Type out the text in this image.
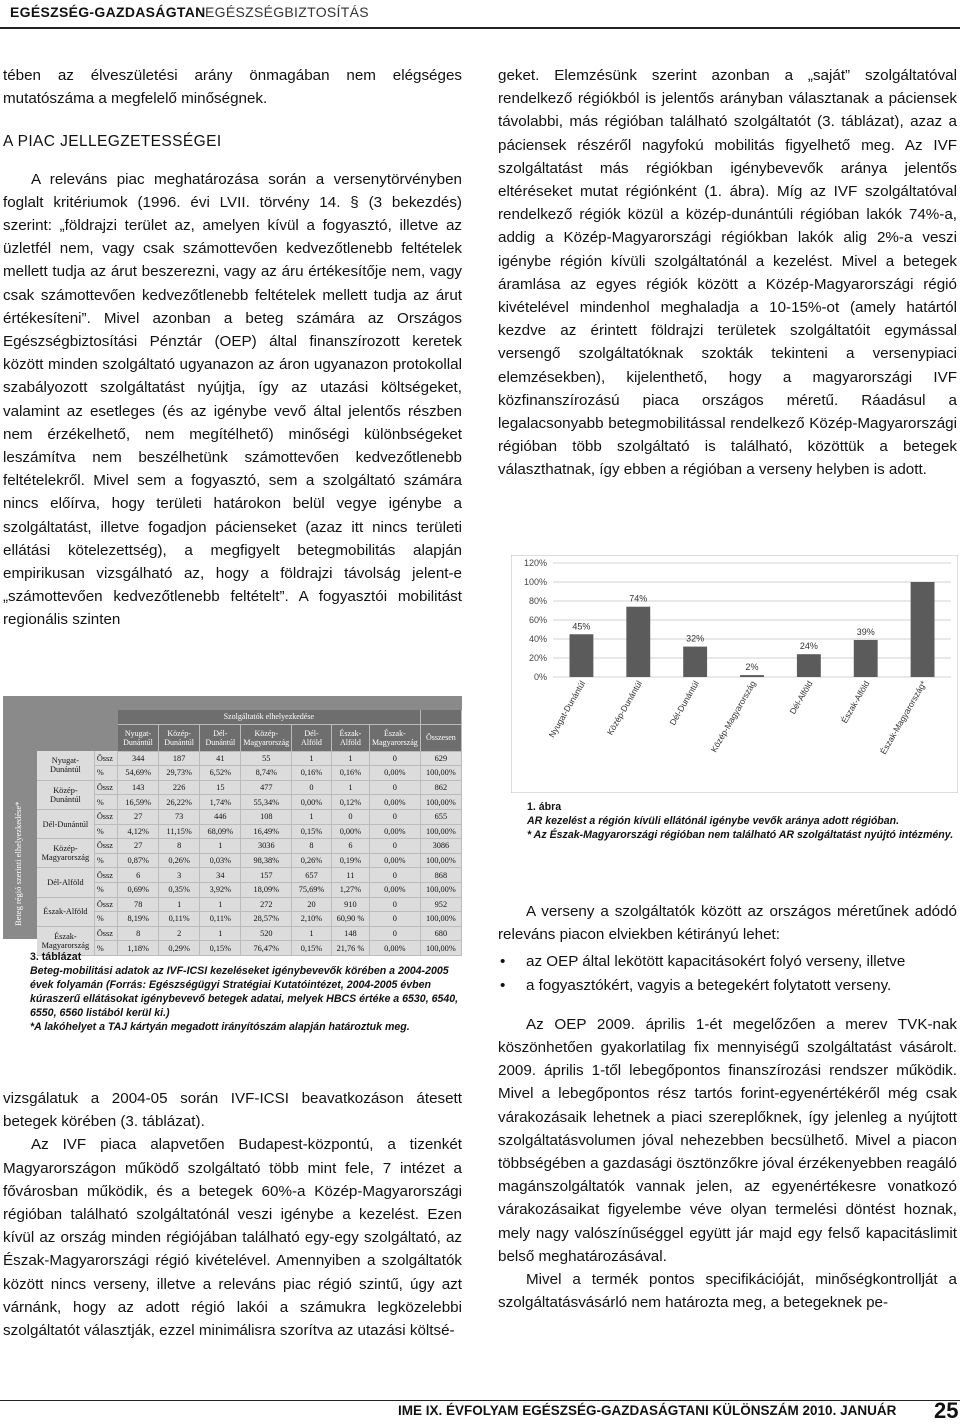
EGÉSZSÉG-GAZDASÁGTAN EGÉSZSÉGBIZTOSÍTÁS

tében az élveszületési arány önmagában nem elégséges mutatószáma a megfelelő minőségnek.

A PIAC JELLEGZETESSÉGEI

A releváns piac meghatározása során a versenytörvényben foglalt kritériumok (1996. évi LVII. törvény 14. § (3 bekezdés) szerint: „földrajzi terület az, amelyen kívül a fogyasztó, illetve az üzletfél nem, vagy csak számottevően kedvezőtlenebb feltételek mellett tudja az árut beszerezni, vagy az áru értékesítője nem, vagy csak számottevően kedvezőtlenebb feltételek mellett tudja az árut értékesíteni”. Mivel azonban a beteg számára az Országos Egészségbiztosítási Pénztár (OEP) által finanszírozott keretek között minden szolgáltató ugyanazon az áron ugyanazon protokollal szabályozott szolgáltatást nyújtja, így az utazási költségeket, valamint az esetleges (és az igénybe vevő által jelentős részben nem érzékelhető, nem megítélhető) minőségi különbségeket leszámítva nem beszélhetünk számottevően kedvezőtlenebb feltételekről. Mivel sem a fogyasztó, sem a szolgáltató számára nincs előírva, hogy területi határokon belül vegye igénybe a szolgáltatást, illetve fogadjon pácienseket (azaz itt nincs területi ellátási kötelezettség), a megfigyelt betegmobilitás alapján empirikusan vizsgálható az, hogy a földrajzi távolság jelent-e „számottevően kedvezőtlenebb feltételt”. A fogyasztói mobilitást regionális szinten

Beteg régió szerinti elhelyezkedése*
		Szolgáltatók elhelyezkedése							
		Nyugat-Dunántúl	Közép-Dunántúl	Dél-Dunántúl	Közép-Magyarország	Dél-Alföld	Észak-Alföld	Észak-Magyarország	Összesen
Nyugat-Dunántúl	Össz	344	187	41	55	1	1	0	629
	%	54,69%	29,73%	6,52%	8,74%	0,16%	0,16%	0,00%	100,00%
Közép-Dunántúl	Össz	143	226	15	477	0	1	0	862
	%	16,59%	26,22%	1,74%	55,34%	0,00%	0,12%	0,00%	100,00%
Dél-Dunántúl	Össz	27	73	446	108	1	0	0	655
	%	4,12%	11,15%	68,09%	16,49%	0,15%	0,00%	0,00%	100,00%
Közép-Magyarország	Össz	27	8	1	3036	8	6	0	3086
	%	0,87%	0,26%	0,03%	98,38%	0,26%	0,19%	0,00%	100,00%
Dél-Alföld	Össz	6	3	34	157	657	11	0	868
	%	0,69%	0,35%	3,92%	18,09%	75,69%	1,27%	0,00%	100,00%
Észak-Alföld	Össz	78	1	1	272	20	910	0	952
	%	8,19%	0,11%	0,11%	28,57%	2,10%	60,90 %	0	100,00%
Észak-Magyarország	Össz	8	2	1	520	1	148	0	680
	%	1,18%	0,29%	0,15%	76,47%	0,15%	21,76 %	0,00%	100,00%
3. táblázat
Beteg-mobilitási adatok az IVF-ICSI kezeléseket igénybevevők körében a 2004-2005 évek folyamán (Forrás: Egészségügyi Stratégiai Kutatóintézet, 2004-2005 évben kúraszerű ellátásokat igénybevevő betegek adatai, melyek HBCS értéke a 6530, 6540, 6550, 6560 listából kerül ki.)
*A lakóhelyet a TAJ kártyán megadott irányítószám alapján határoztuk meg.

vizsgálatuk a 2004-05 során IVF-ICSI beavatkozáson átesett betegek körében (3. táblázat).

Az IVF piaca alapvetően Budapest-központú, a tizenkét Magyarországon működő szolgáltató több mint fele, 7 intézet a fővárosban működik, és a betegek 60%-a Közép-Magyarországi régióban található szolgáltatónál veszi igénybe a kezelést. Ezen kívül az ország minden régiójában található egy-egy szolgáltató, az Észak-Magyarországi régió kivételével. Amennyiben a szolgáltatók között nincs verseny, illetve a releváns piac régió szintű, úgy azt várnánk, hogy az adott régió lakói a számukra legközelebbi szolgáltatót választják, ezzel minimálisra szorítva az utazási költsé-

geket. Elemzésünk szerint azonban a „saját” szolgáltatóval rendelkező régiókból is jelentős arányban választanak a páciensek távolabbi, más régióban található szolgáltatót (3. táblázat), azaz a páciensek részéről nagyfokú mobilitás figyelhető meg. Az IVF szolgáltatást más régiókban igénybevevők aránya jelentős eltéréseket mutat régiónként (1. ábra). Míg az IVF szolgáltatóval rendelkező régiók közül a közép-dunántúli régióban lakók 74%-a, addig a Közép-Magyarországi régiókban lakók alig 2%-a veszi igénybe régión kívüli szolgáltatónál a kezelést. Mivel a betegek áramlása az egyes régiók között a Közép-Magyarországi régió kivételével mindenhol meghaladja a 10-15%-ot (amely határtól kezdve az érintett földrajzi területek szolgáltatóit egymással versengő szolgáltatóknak szokták tekinteni a versenypiaci elemzésekben), kijelenthető, hogy a magyarországi IVF közfinanszírozású piaca országos méretű. Ráadásul a legalacsonyabb betegmobilitással rendelkező Közép-Magyarországi régióban több szolgáltató is található, közöttük a betegek választhatnak, így ebben a régióban a verseny helyben is adott.

0%
20%
40%
60%
80%
100%
120%
45%
Nyugat-Dunántúl
74%
Közép-Dunántúl
32%
Dél-Dunántúl
2%
Közép-Magyarország
24%
Dél-Alföld
39%
Észak-Alföld Észak-Magyarország*
1. ábra
AR kezelést a régión kívüli ellátónál igénybe vevők aránya adott régióban.
* Az Észak-Magyarországi régióban nem található AR szolgáltatást nyújtó intézmény.

A verseny a szolgáltatók között az országos méretűnek adódó releváns piacon elviekben kétirányú lehet:

• az OEP által lekötött kapacitásokért folyó verseny, illetve
• a fogyasztókért, vagyis a betegekért folytatott verseny.

Az OEP 2009. április 1-ét megelőzően a merev TVK-nak köszönhetően gyakorlatilag fix mennyiségű szolgáltatást vásárolt. 2009. április 1-től lebegőpontos finanszírozási rendszer működik. Mivel a lebegőpontos rész tartós forint-egyenértékéről még csak várakozásaik lehetnek a piaci szereplőknek, így jelenleg a nyújtott szolgáltatásvolumen jóval nehezebben becsülhető. Mivel a piacon többségében a gazdasági ösztönzőkre jóval érzékenyebben reagáló magánszolgáltatók vannak jelen, az egyenértékesre vonatkozó várakozásaikat figyelembe véve olyan termelési döntést hoznak, mely nagy valószínűséggel együtt jár majd egy felső kapacitáslimit belső meghatározásával.

Mivel a termék pontos specifikációját, minőségkontrollját a szolgáltatásvásárló nem határozta meg, a betegeknek pe-

IME IX. ÉVFOLYAM EGÉSZSÉG-GAZDASÁGTANI KÜLÖNSZÁM 2010. JANUÁR 25
